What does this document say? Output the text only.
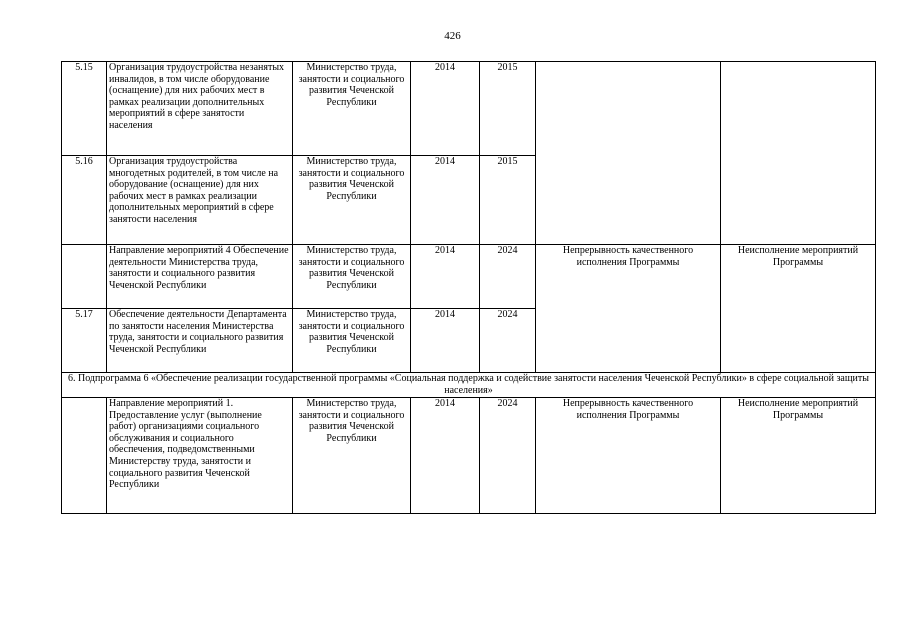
426
5.15	Организация трудоустройства незанятых инвалидов, в том числе оборудование (оснащение) для них рабочих мест в рамках реализации дополнительных мероприятий в сфере занятости населения	Министерство труда, занятости и социального развития Чеченской Республики	2014	2015		
5.16	Организация трудоустройства многодетных родителей, в том числе на оборудование (оснащение) для них рабочих мест в рамках реализации дополнительных мероприятий в сфере занятости населения	Министерство труда, занятости и социального развития Чеченской Республики	2014	2015		
	Направление мероприятий 4 Обеспечение деятельности Министерства труда, занятости и социального развития Чеченской Республики	Министерство труда, занятости и социального развития Чеченской Республики	2014	2024	Непрерывность качественного исполнения Программы	Неисполнение мероприятий Программы
5.17	Обеспечение деятельности Департамента по занятости населения Министерства труда, занятости и социального развития Чеченской Республики	Министерство труда, занятости и социального развития Чеченской Республики	2014	2024		
6. Подпрограмма 6 «Обеспечение реализации государственной программы «Социальная поддержка и содействие занятости населения Чеченской Республики» в сфере социальной защиты населения»						
	Направление мероприятий 1. Предоставление услуг (выполнение работ) организациями социального обслуживания и социального обеспечения, подведомственными Министерству труда, занятости и социального развития Чеченской Республики	Министерство труда, занятости и социального развития Чеченской Республики	2014	2024	Непрерывность качественного исполнения Программы	Неисполнение мероприятий Программы
